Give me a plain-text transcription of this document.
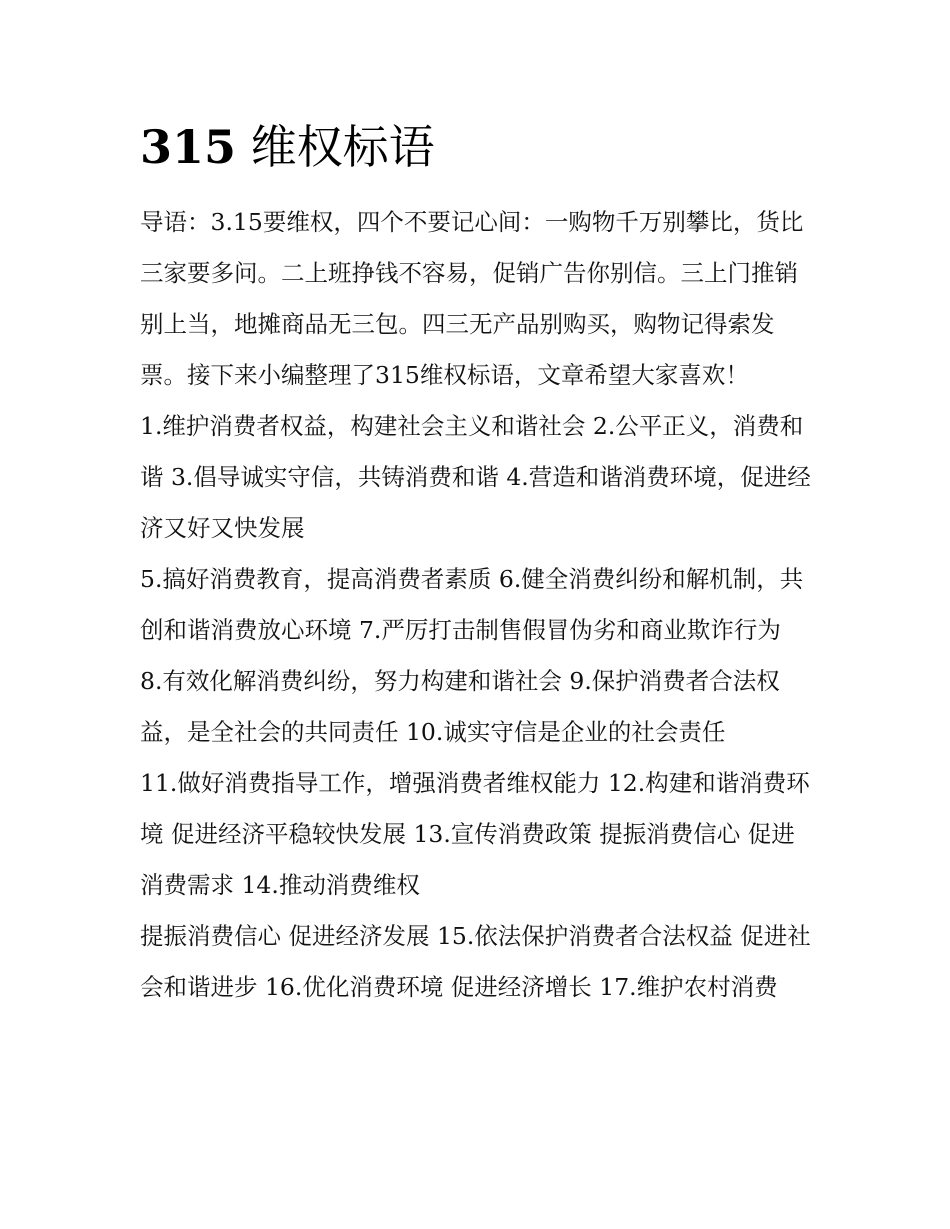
315 维权标语

导语：3.15要维权，四个不要记心间：一购物千万别攀比，货比三家要多问。二上班挣钱不容易，促销广告你别信。三上门推销别上当，地摊商品无三包。四三无产品别购买，购物记得索发票。接下来小编整理了315维权标语，文章希望大家喜欢！

1.维护消费者权益，构建社会主义和谐社会 2.公平正义，消费和谐 3.倡导诚实守信，共铸消费和谐 4.营造和谐消费环境，促进经济又好又快发展

5.搞好消费教育，提高消费者素质 6.健全消费纠纷和解机制，共创和谐消费放心环境 7.严厉打击制售假冒伪劣和商业欺诈行为

8.有效化解消费纠纷，努力构建和谐社会 9.保护消费者合法权益，是全社会的共同责任 10.诚实守信是企业的社会责任

11.做好消费指导工作，增强消费者维权能力 12.构建和谐消费环境 促进经济平稳较快发展 13.宣传消费政策 提振消费信心 促进消费需求 14.推动消费维权

提振消费信心 促进经济发展 15.依法保护消费者合法权益 促进社会和谐进步 16.优化消费环境 促进经济增长 17.维护农村消费
